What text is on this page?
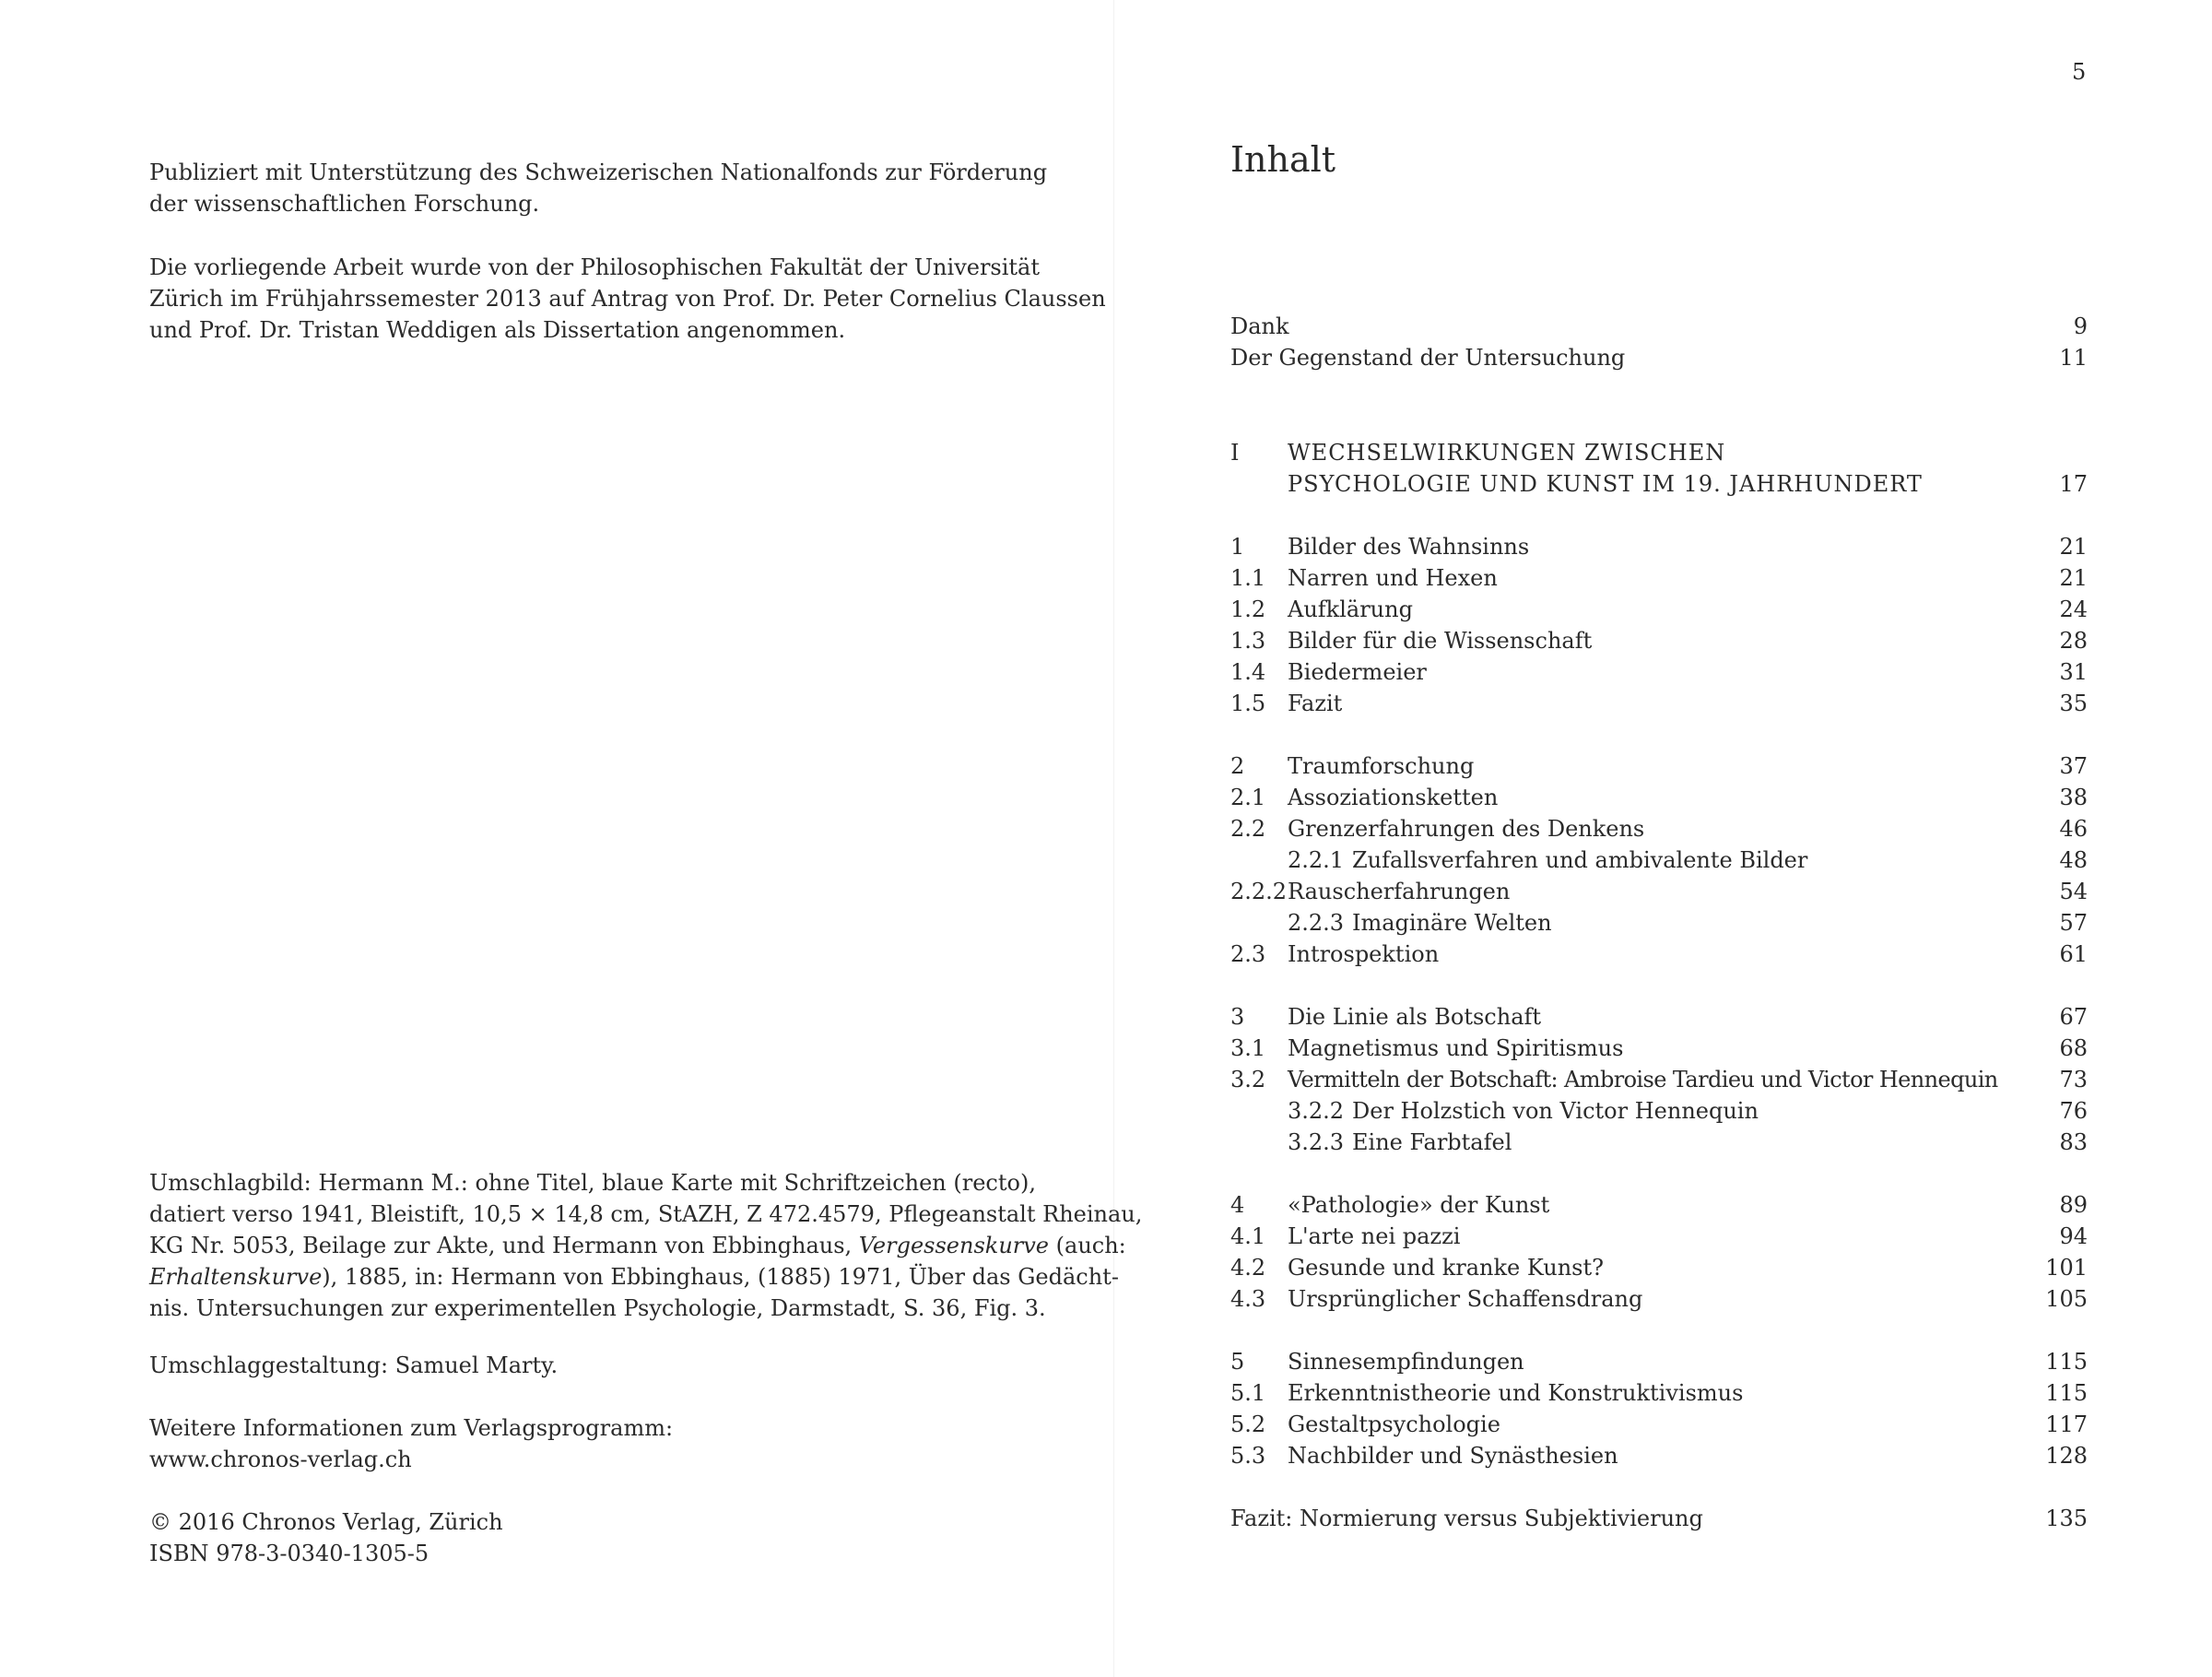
Publiziert mit Unterstützung des Schweizerischen Nationalfonds zur Förderung
der wissenschaftlichen Forschung.

Die vorliegende Arbeit wurde von der Philosophischen Fakultät der Universität
Zürich im Frühjahrssemester 2013 auf Antrag von Prof. Dr. Peter Cornelius Claussen
und Prof. Dr. Tristan Weddigen als Dissertation angenommen.

Umschlagbild: Hermann M.: ohne Titel, blaue Karte mit Schriftzeichen (recto),
datiert verso 1941, Bleistift, 10,5 × 14,8 cm, StAZH, Z 472.4579, Pflegeanstalt Rheinau,
KG Nr. 5053, Beilage zur Akte, und Hermann von Ebbinghaus, Vergessenskurve (auch:
Erhaltenskurve), 1885, in: Hermann von Ebbinghaus, (1885) 1971, Über das Gedächt-
nis. Untersuchungen zur experimentellen Psychologie, Darmstadt, S. 36, Fig. 3.

Umschlaggestaltung: Samuel Marty.

Weitere Informationen zum Verlagsprogramm:
www.chronos-verlag.ch

© 2016 Chronos Verlag, Zürich
ISBN 978-3-0340-1305-5

5
Inhalt
Dank	9
Der Gegenstand der Untersuchung	11
I WECHSELWIRKUNGEN ZWISCHEN
PSYCHOLOGIE UND KUNST IM 19. JAHRHUNDERT	17
1 Bilder des Wahnsinns	21
1.1 Narren und Hexen	21
1.2 Aufklärung	24
1.3 Bilder für die Wissenschaft	28
1.4 Biedermeier	31
1.5 Fazit	35
2 Traumforschung	37
2.1 Assoziationsketten	38
2.2 Grenzerfahrungen des Denkens	46
2.2.1 Zufallsverfahren und ambivalente Bilder	48
2.2.2 Rauscherfahrungen	54
2.2.3 Imaginäre Welten	57
2.3 Introspektion	61
3 Die Linie als Botschaft	67
3.1 Magnetismus und Spiritismus	68
3.2 Vermitteln der Botschaft: Ambroise Tardieu und Victor Hennequin	73
3.2.2 Der Holzstich von Victor Hennequin	76
3.2.3 Eine Farbtafel	83
4 «Pathologie» der Kunst	89
4.1 L'arte nei pazzi	94
4.2 Gesunde und kranke Kunst?	101
4.3 Ursprünglicher Schaffensdrang	105
5 Sinnesempfindungen	115
5.1 Erkenntnistheorie und Konstruktivismus	115
5.2 Gestaltpsychologie	117
5.3 Nachbilder und Synästhesien	128
Fazit: Normierung versus Subjektivierung	135
